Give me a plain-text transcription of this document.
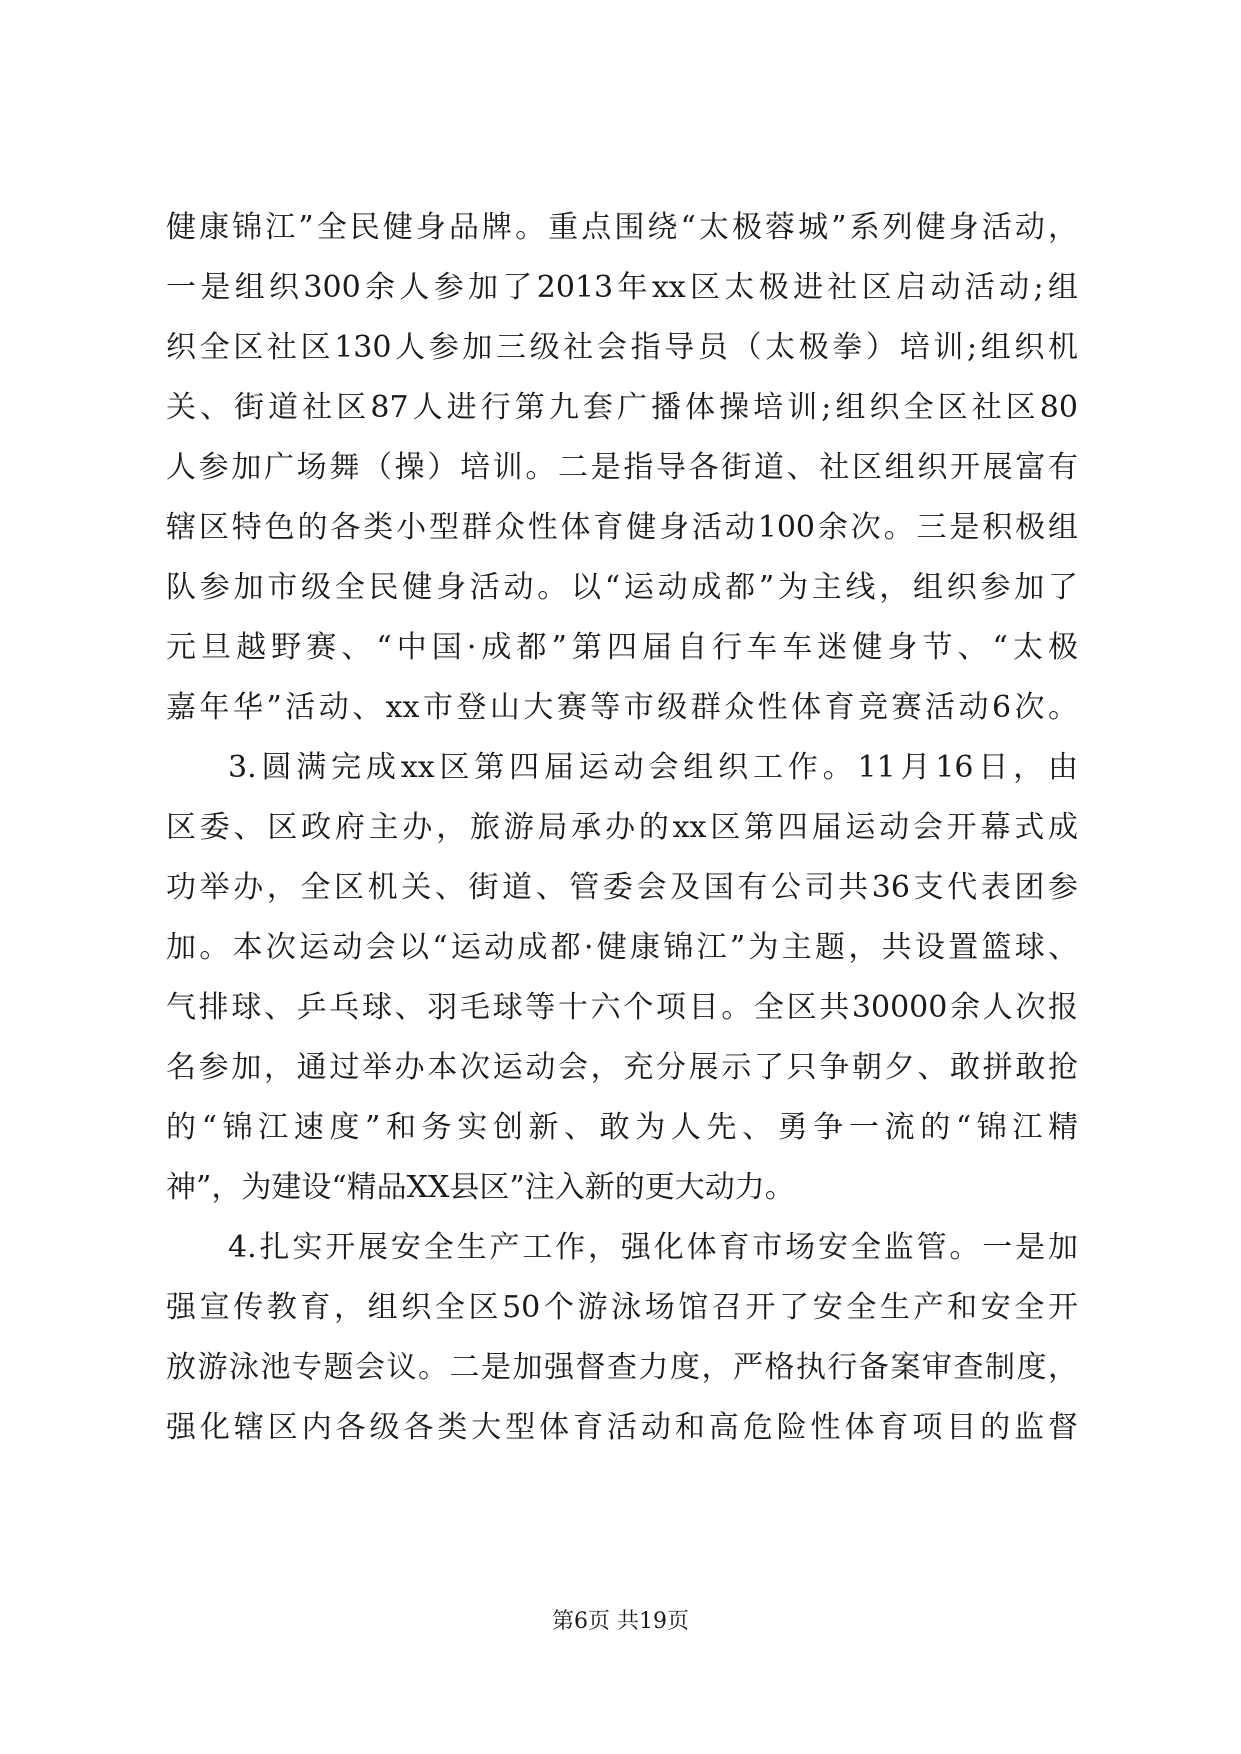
健康锦江”全民健身品牌。重点围绕“太极蓉城”系列健身活动，
一是组织300余人参加了2013年xx区太极进社区启动活动;组
织全区社区130人参加三级社会指导员（太极拳）培训;组织机
关、街道社区87人进行第九套广播体操培训;组织全区社区80
人参加广场舞（操）培训。二是指导各街道、社区组织开展富有
辖区特色的各类小型群众性体育健身活动100余次。三是积极组
队参加市级全民健身活动。以“运动成都”为主线，组织参加了
元旦越野赛、“中国·成都”第四届自行车车迷健身节、“太极
嘉年华”活动、xx市登山大赛等市级群众性体育竞赛活动6次。
3.圆满完成xx区第四届运动会组织工作。11月16日，由
区委、区政府主办，旅游局承办的xx区第四届运动会开幕式成
功举办，全区机关、街道、管委会及国有公司共36支代表团参
加。本次运动会以“运动成都·健康锦江”为主题，共设置篮球、
气排球、乒乓球、羽毛球等十六个项目。全区共30000余人次报
名参加，通过举办本次运动会，充分展示了只争朝夕、敢拼敢抢
的“锦江速度”和务实创新、敢为人先、勇争一流的“锦江精
神”，为建设“精品XX县区”注入新的更大动力。
4.扎实开展安全生产工作，强化体育市场安全监管。一是加
强宣传教育，组织全区50个游泳场馆召开了安全生产和安全开
放游泳池专题会议。二是加强督查力度，严格执行备案审查制度，
强化辖区内各级各类大型体育活动和高危险性体育项目的监督
第6页 共19页
